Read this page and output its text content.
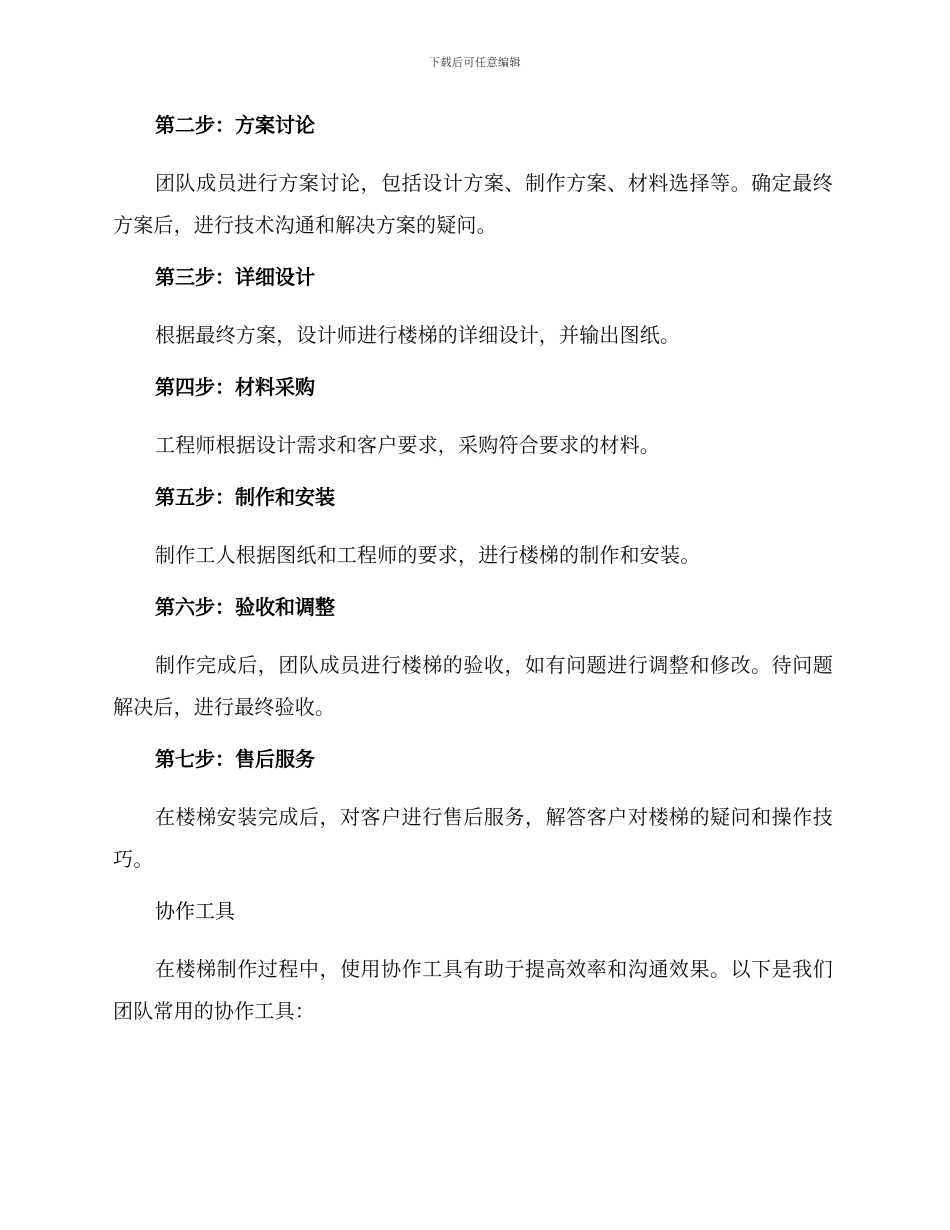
下载后可任意编辑
第二步：方案讨论

团队成员进行方案讨论，包括设计方案、制作方案、材料选择等。确定最终方案后，进行技术沟通和解决方案的疑问。

第三步：详细设计

根据最终方案，设计师进行楼梯的详细设计，并输出图纸。

第四步：材料采购

工程师根据设计需求和客户要求，采购符合要求的材料。

第五步：制作和安装

制作工人根据图纸和工程师的要求，进行楼梯的制作和安装。

第六步：验收和调整

制作完成后，团队成员进行楼梯的验收，如有问题进行调整和修改。待问题解决后，进行最终验收。

第七步：售后服务

在楼梯安装完成后，对客户进行售后服务，解答客户对楼梯的疑问和操作技巧。

协作工具

在楼梯制作过程中，使用协作工具有助于提高效率和沟通效果。以下是我们团队常用的协作工具：
